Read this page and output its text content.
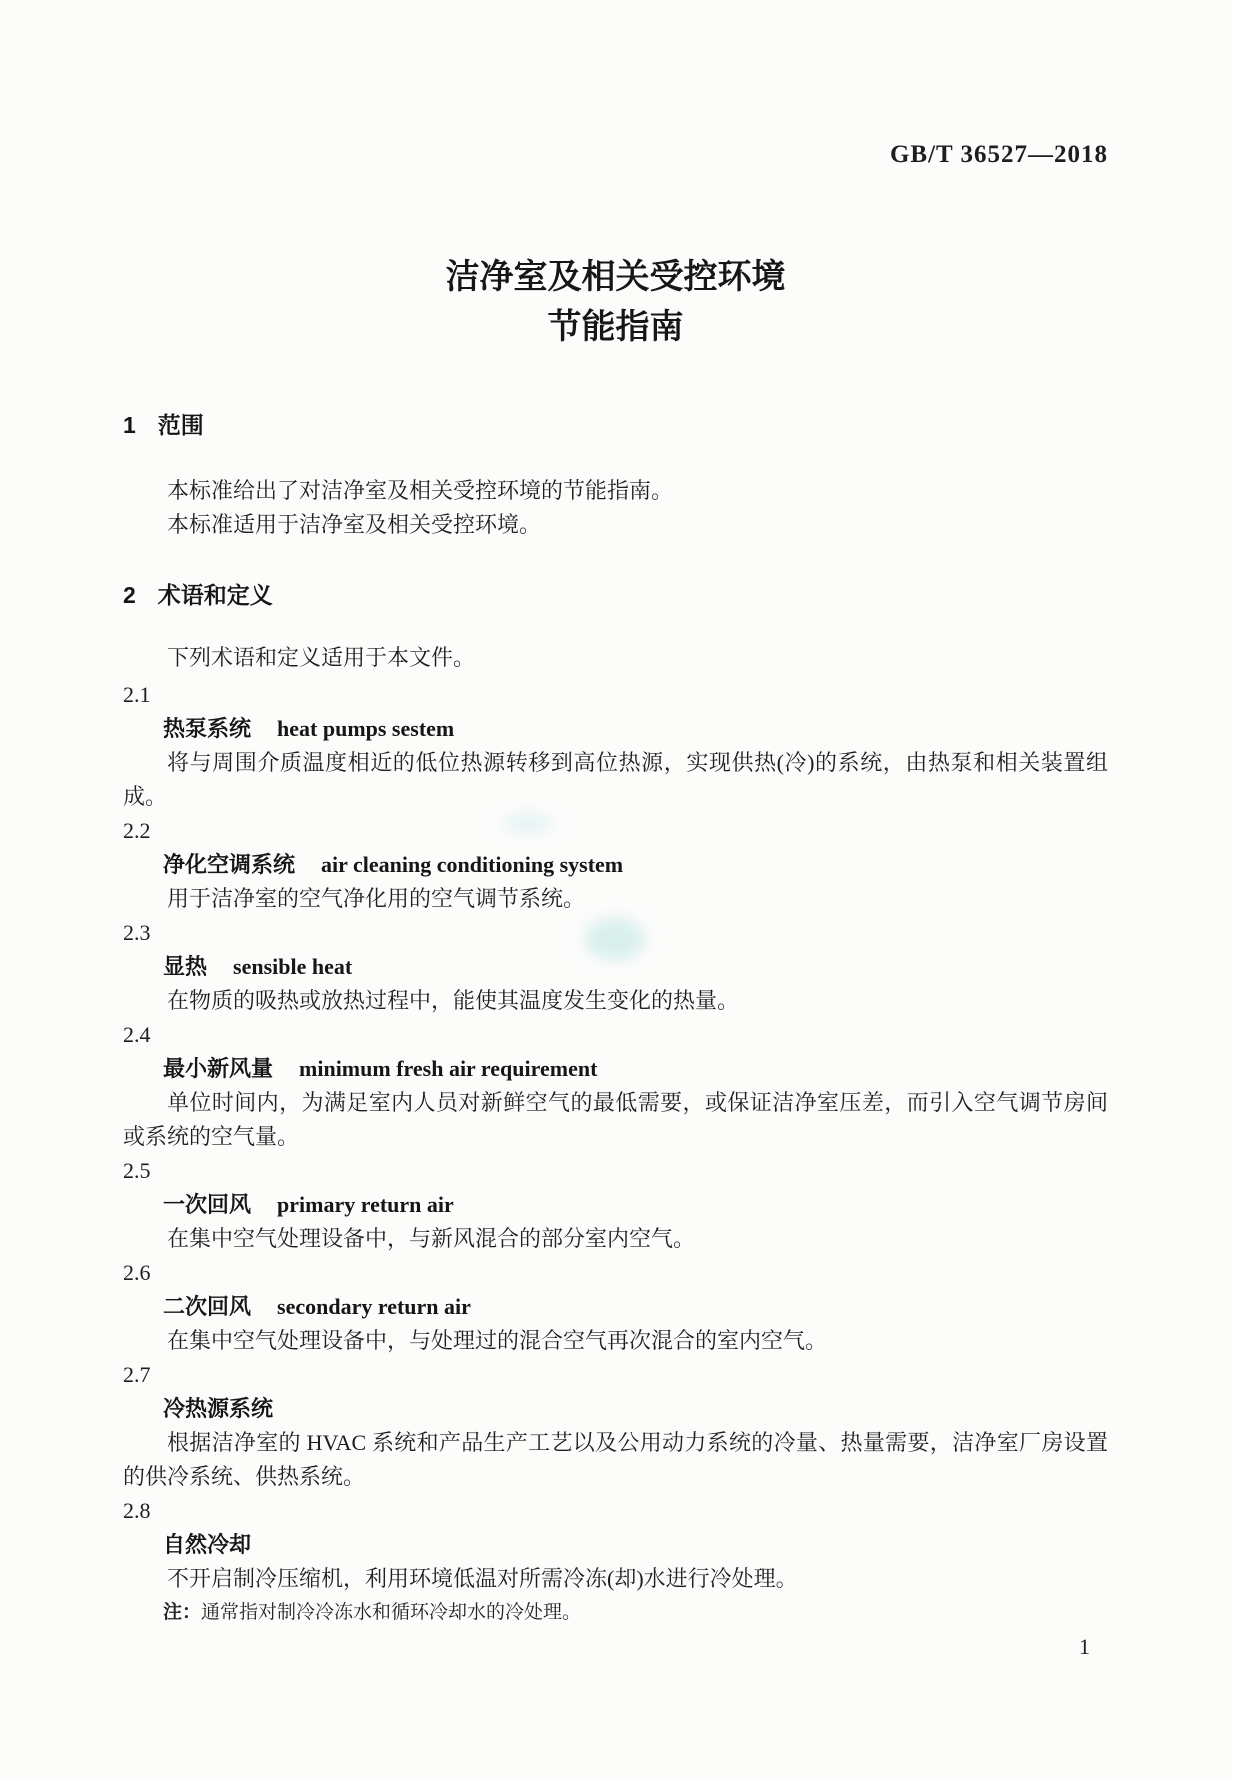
GB/T 36527—2018
洁净室及相关受控环境
节能指南
1 范围

本标准给出了对洁净室及相关受控环境的节能指南。

本标准适用于洁净室及相关受控环境。

2 术语和定义

下列术语和定义适用于本文件。

2.1
热泵系统 heat pumps sestem

将与周围介质温度相近的低位热源转移到高位热源，实现供热(冷)的系统，由热泵和相关装置组成。

2.2
净化空调系统 air cleaning conditioning system

用于洁净室的空气净化用的空气调节系统。

2.3
显热 sensible heat

在物质的吸热或放热过程中，能使其温度发生变化的热量。

2.4
最小新风量 minimum fresh air requirement

单位时间内，为满足室内人员对新鲜空气的最低需要，或保证洁净室压差，而引入空气调节房间或系统的空气量。

2.5
一次回风 primary return air

在集中空气处理设备中，与新风混合的部分室内空气。

2.6
二次回风 secondary return air

在集中空气处理设备中，与处理过的混合空气再次混合的室内空气。

2.7
冷热源系统

根据洁净室的 HVAC 系统和产品生产工艺以及公用动力系统的冷量、热量需要，洁净室厂房设置的供冷系统、供热系统。

2.8
自然冷却

不开启制冷压缩机，利用环境低温对所需冷冻(却)水进行冷处理。

注：通常指对制冷冷冻水和循环冷却水的冷处理。

1
